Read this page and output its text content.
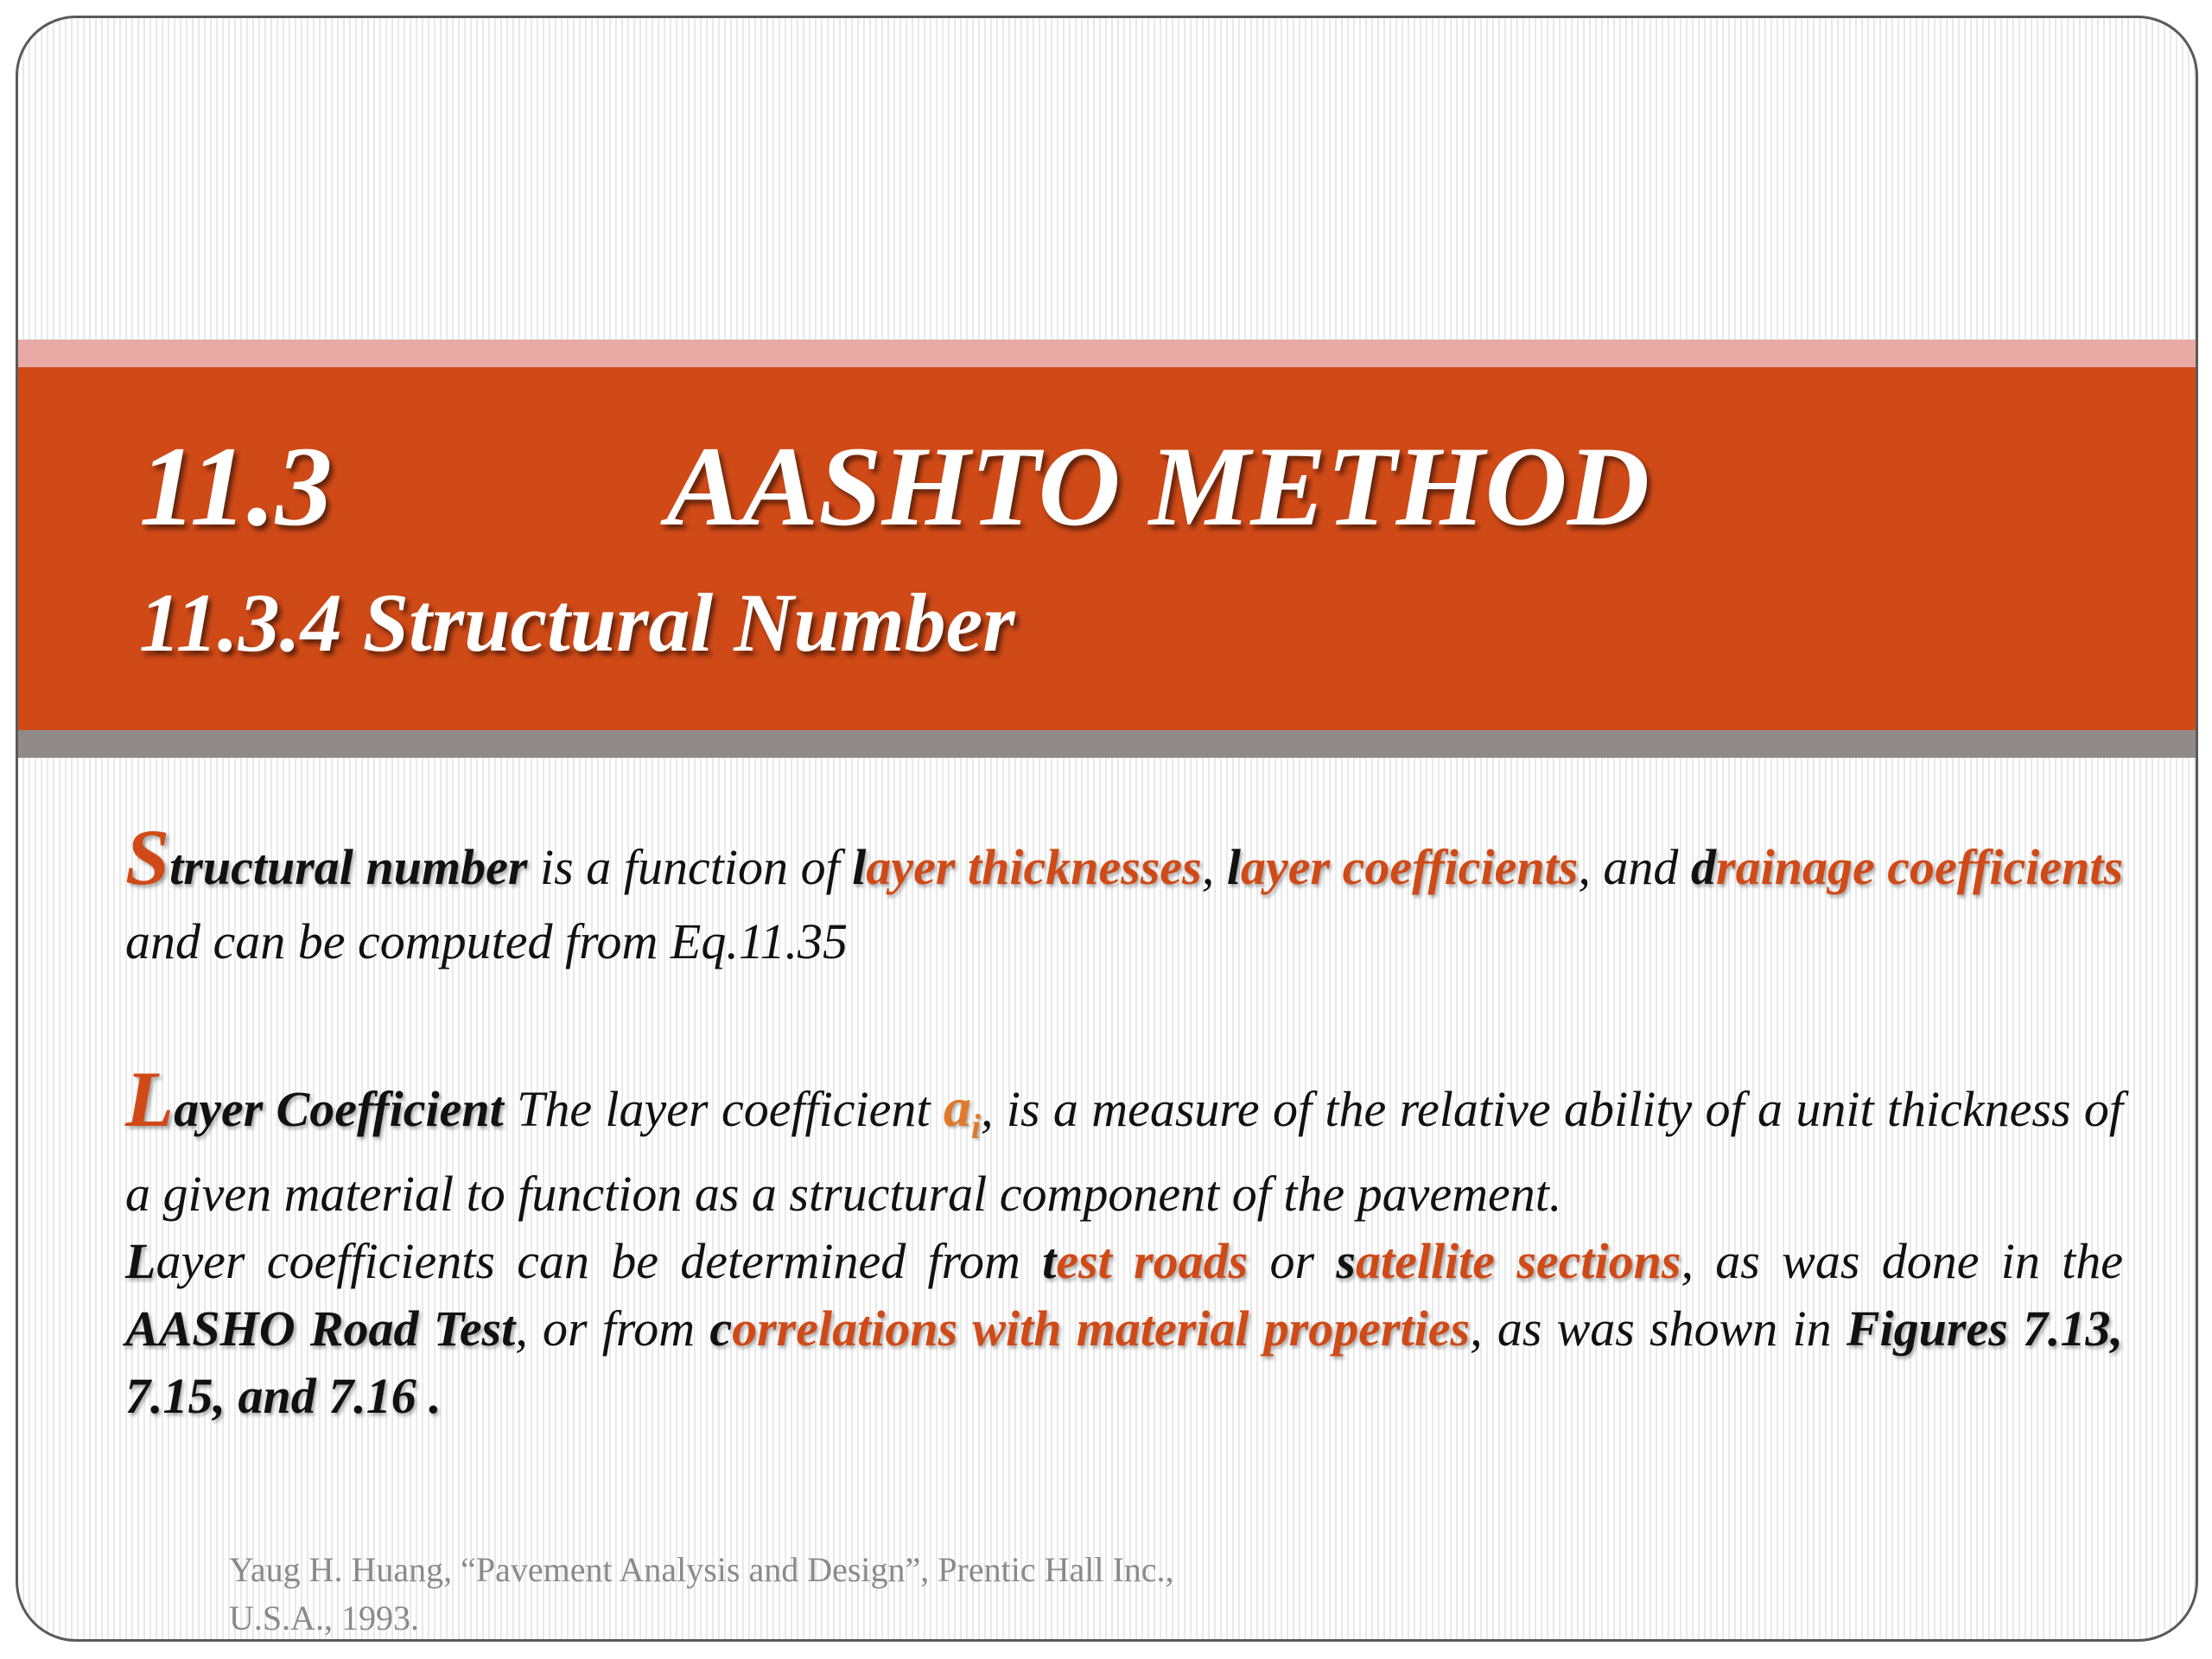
11.3	AASHTO METHOD
11.3.4 Structural Number

Structural number is a function of layer thicknesses, layer coefficients, and drainage coefficients and can be computed from Eq.11.35

Layer Coefficient The layer coefficient $a_i$, is a measure of the relative ability of a unit thickness of a given material to function as a structural component of the pavement.
Layer coefficients can be determined from test roads or satellite sections, as was done in the AASHO Road Test, or from correlations with material properties, as was shown in Figures 7.13, 7.15, and 7.16 .

Yaug H. Huang, “Pavement Analysis and Design”, Prentic Hall Inc.,
U.S.A., 1993.
